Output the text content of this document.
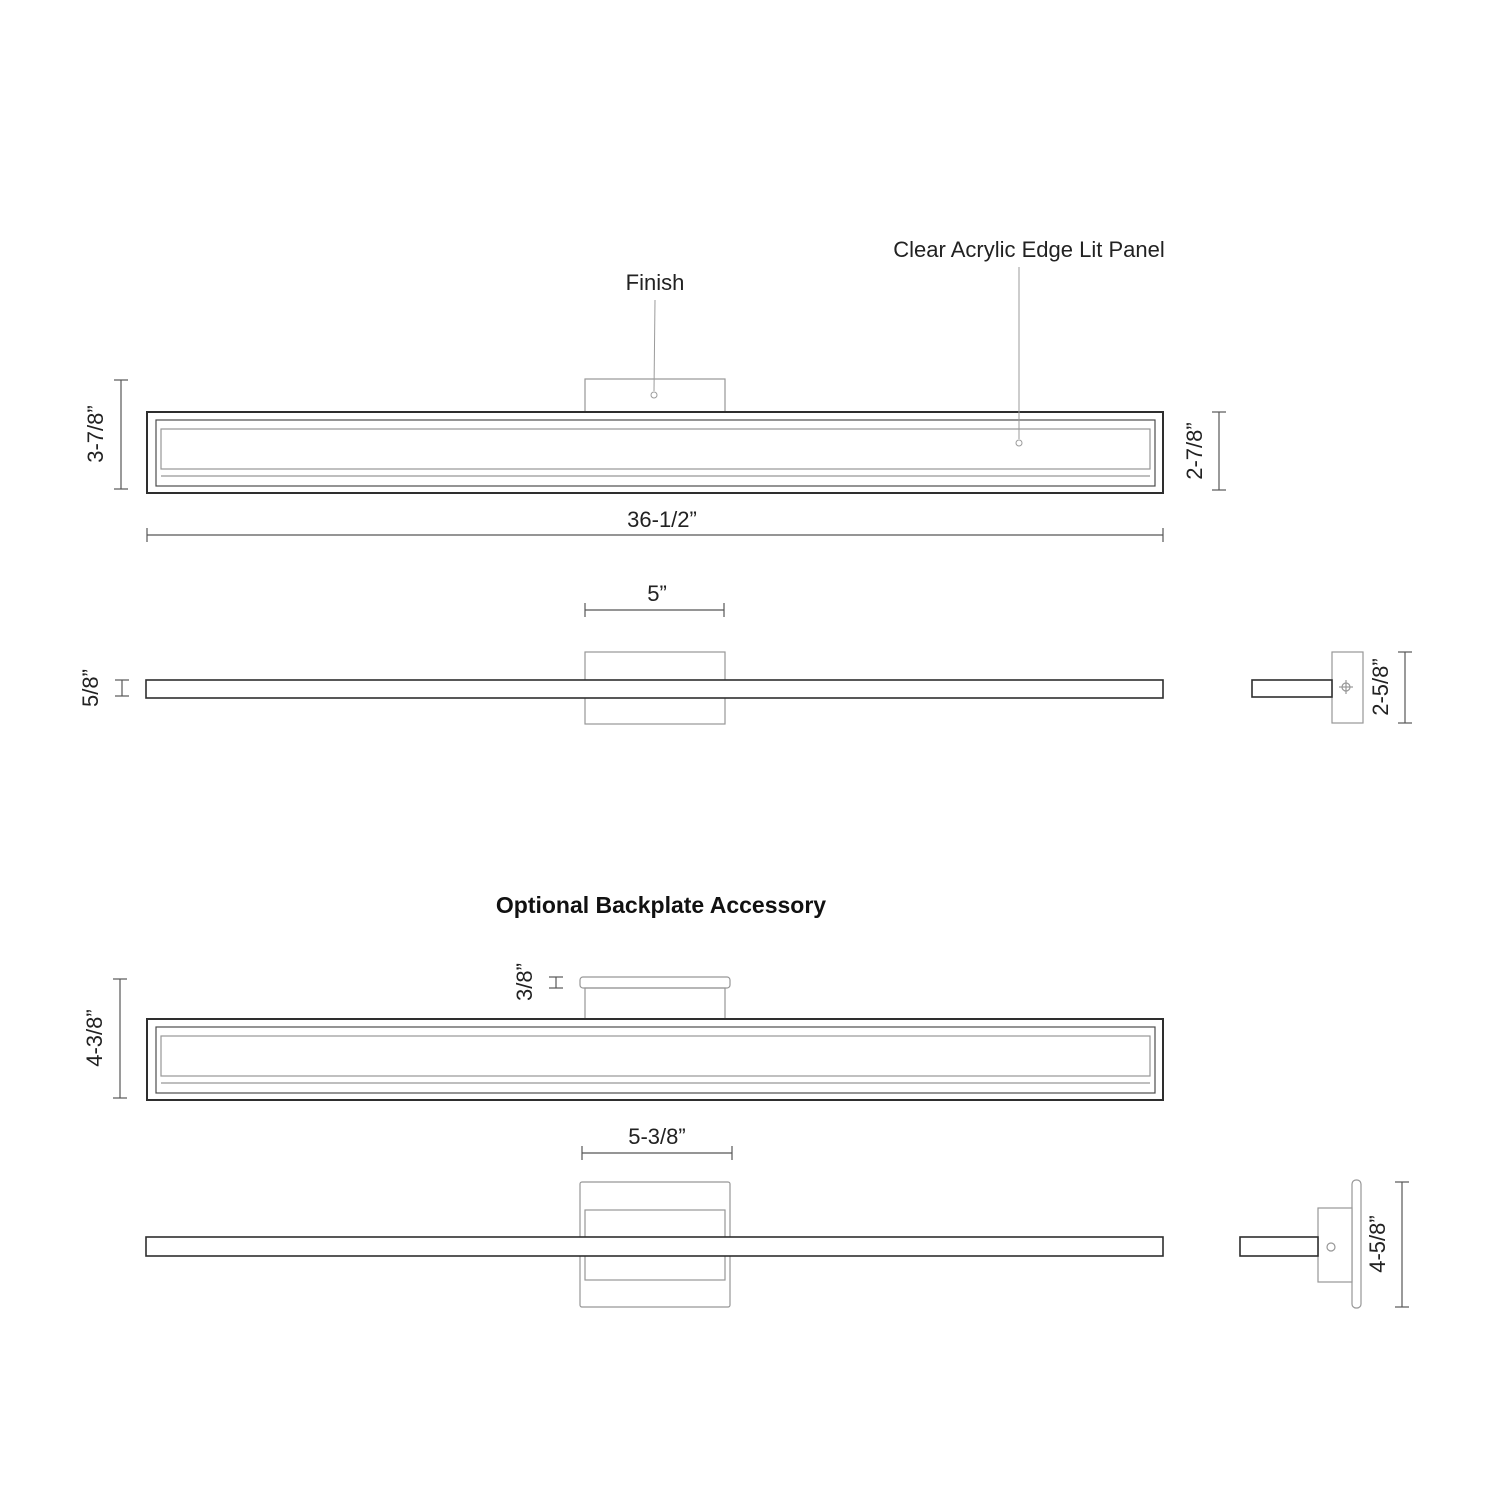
Finish
Clear Acrylic Edge Lit Panel
3-7/8”	2-7/8”
36-1/2”
5”
5/8”	2-5/8”
Optional Backplate Accessory
3/8”
4-3/8”
5-3/8”
4-5/8”
